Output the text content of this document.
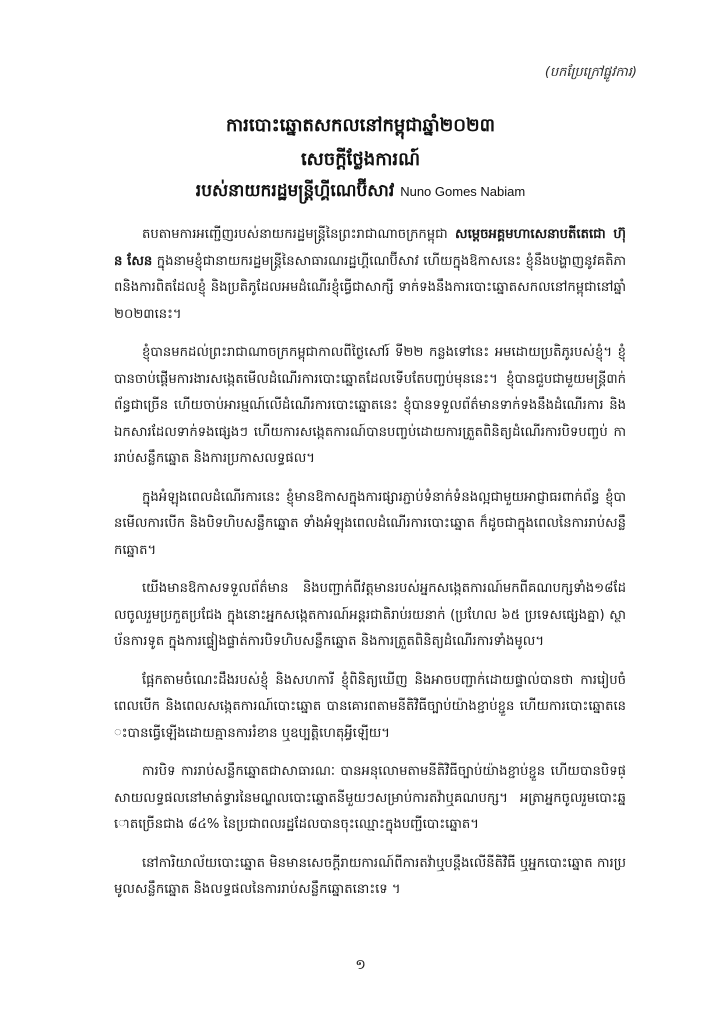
(បកប្រែក្រៅផ្លូវការ)
ការបោះឆ្នោតសកលនៅកម្ពុជាឆ្នាំ២០២៣
សេចក្តីថ្លែងការណ៍
របស់នាយករដ្ឋមន្ត្រីហ្គីណេប៊ីសាវ Nuno Gomes Nabiam

តបតាមការអញ្ជើញរបស់នាយករដ្ឋមន្ត្រីនៃព្រះរាជាណាចក្រកម្ពុជា សម្តេចអគ្គមហាសេនាបតីតេជោ ហ៊ុន សែន ក្នុងនាមខ្ញុំជានាយករដ្ឋមន្ត្រីនៃសាធារណរដ្ឋហ្គីណេប៊ីសាវ ហើយក្នុងឱកាសនេះ ខ្ញុំនឹងបង្ហាញនូវគតិភាពនិងការពិតដែលខ្ញុំ និងប្រតិភូដែលអមដំណើរខ្ញុំធ្វើជាសាក្សី ទាក់ទងនឹងការបោះឆ្នោតសកលនៅកម្ពុជានៅឆ្នាំ២០២៣នេះ។

ខ្ញុំបានមកដល់ព្រះរាជាណាចក្រកម្ពុជាកាលពីថ្ងៃសៅរ៍ ទី២២ កន្លងទៅនេះ អមដោយប្រតិភូរបស់ខ្ញុំ។ ខ្ញុំបានចាប់ផ្តើមការងារសង្កេតមើលដំណើរការបោះឆ្នោតដែលទើបតែបញ្ចប់មុននេះ។ ខ្ញុំបានជួបជាមួយមន្ត្រី៣ក់ព័ន្ធជាច្រើន ហើយចាប់អារម្មណ៍លើដំណើរការបោះឆ្នោតនេះ ខ្ញុំបានទទួលព័ត៌មានទាក់ទងនឹងដំណើរការ និងឯកសារដែលទាក់ទងផ្សេងៗ ហើយការសង្កេតការណ៍បានបញ្ចប់ដោយការត្រួតពិនិត្យដំណើរការបិទបញ្ចប់ ការរាប់សន្លឹកឆ្នោត និងការប្រកាសលទ្ធផល។

ក្នុងអំឡុងពេលដំណើរការនេះ ខ្ញុំមានឱកាសក្នុងការផ្សារភ្ជាប់ទំនាក់ទំនងល្អជាមួយអាជ្ញាធរពាក់ព័ន្ធ ខ្ញុំបានមើលការបើក និងបិទហិបសន្លឹកឆ្នោត ទាំងអំឡុងពេលដំណើរការបោះឆ្នោត ក៏ដូចជាក្នុងពេលនៃការរាប់សន្លឹកឆ្នោត។

យើងមានឱកាសទទួលព័ត៌មាន និងបញ្ជាក់ពីវត្តមានរបស់អ្នកសង្កេតការណ៍មកពីគណបក្សទាំង១៨ដែលចូលរួមប្រកួតប្រជែង ក្នុងនោះអ្នកសង្កេតការណ៍អន្តរជាតិរាប់រយនាក់ (ប្រហែល ៦៥ ប្រទេសផ្សេងគ្នា) ស្ថាប័នការទូត ក្នុងការផ្ទៀងផ្ទាត់ការបិទហិបសន្លឹកឆ្នោត និងការត្រួតពិនិត្យដំណើរការទាំងមូល។

ផ្អែកតាមចំណេះដឹងរបស់ខ្ញុំ និងសហការី ខ្ញុំពិនិត្យឃើញ និងអាចបញ្ជាក់ដោយផ្ទាល់បានថា ការរៀបចំ ពេលបើក និងពេលសង្កេតការណ៍បោះឆ្នោត បានគោរពតាមនីតិវិធីច្បាប់យ៉ាងខ្ជាប់ខ្ជួន ហើយការបោះឆ្នោតនេះបានធ្វើឡើងដោយគ្មានការរំខាន ឬឧប្បត្តិហេតុអ្វីឡើយ។

ការបិទ ការរាប់សន្លឹកឆ្នោតជាសាធារណៈ បានអនុលោមតាមនីតិវិធីច្បាប់យ៉ាងខ្ជាប់ខ្ជួន ហើយបានបិទផ្សាយលទ្ធផលនៅមាត់ទ្វារនៃមណ្ឌលបោះឆ្នោតនីមួយៗសម្រាប់ការតវ៉ាឬគណបក្ស។ អត្រាអ្នកចូលរួមបោះឆ្នោតច្រើនជាង ៨៤% នៃប្រជាពលរដ្ឋដែលបានចុះឈ្មោះក្នុងបញ្ជីបោះឆ្នោត។

នៅការិយាល័យបោះឆ្នោត មិនមានសេចក្តីរាយការណ៍ពីការតវ៉ាឬបន្តឹងលើនីតិវិធី ឬអ្នកបោះឆ្នោត ការប្រមូលសន្លឹកឆ្នោត និងលទ្ធផលនៃការរាប់សន្លឹកឆ្នោតនោះទេ ។

១
